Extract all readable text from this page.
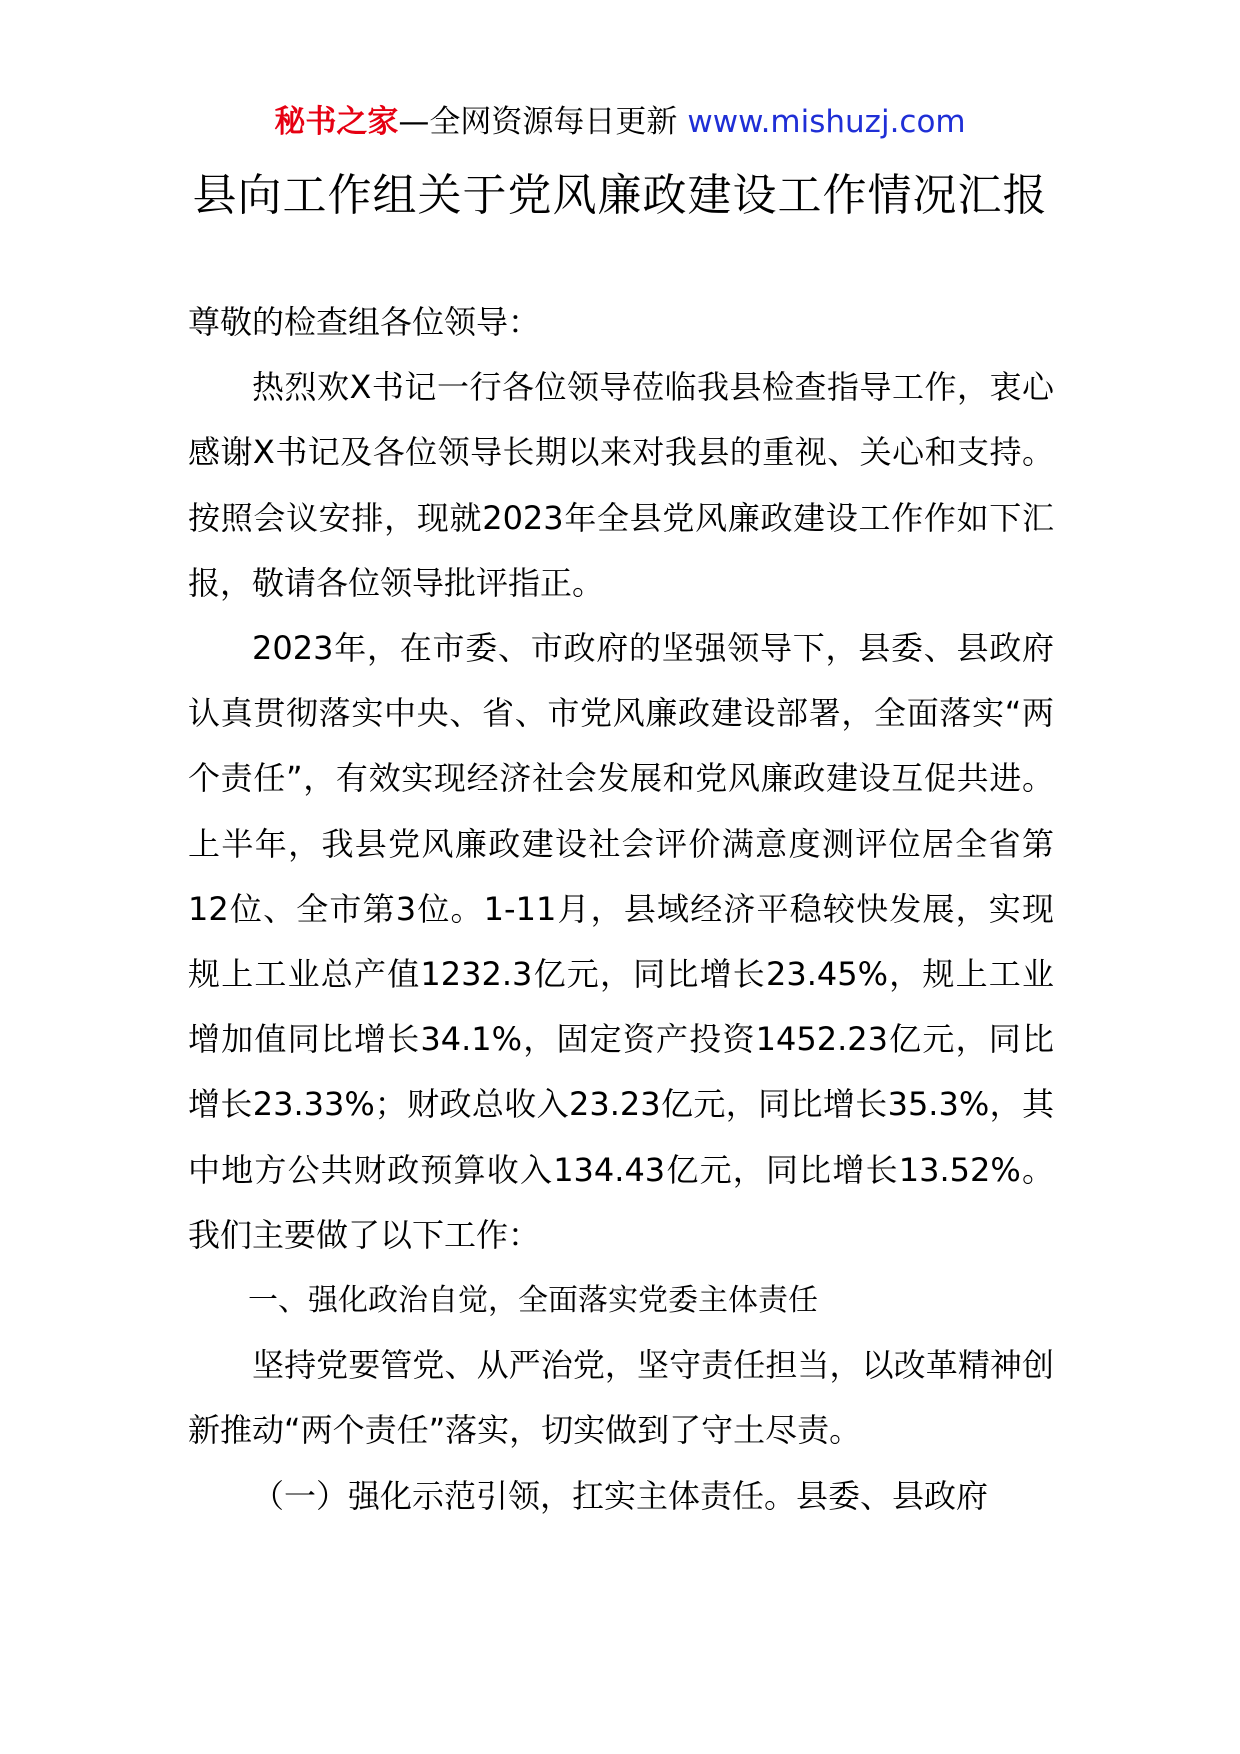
秘书之家—全网资源每日更新 www.mishuzj.com
县向工作组关于党风廉政建设工作情况汇报

尊敬的检查组各位领导：

热烈欢X书记一行各位领导莅临我县检查指导工作，衷心感谢X书记及各位领导长期以来对我县的重视、关心和支持。按照会议安排，现就2023年全县党风廉政建设工作作如下汇报，敬请各位领导批评指正。

2023年，在市委、市政府的坚强领导下，县委、县政府认真贯彻落实中央、省、市党风廉政建设部署，全面落实“两个责任”，有效实现经济社会发展和党风廉政建设互促共进。上半年，我县党风廉政建设社会评价满意度测评位居全省第12位、全市第3位。1-11月，县域经济平稳较快发展，实现规上工业总产值1232.3亿元，同比增长23.45%，规上工业增加值同比增长34.1%，固定资产投资1452.23亿元，同比增长23.33%；财政总收入23.23亿元，同比增长35.3%，其中地方公共财政预算收入134.43亿元，同比增长13.52%。我们主要做了以下工作：

一、强化政治自觉，全面落实党委主体责任

坚持党要管党、从严治党，坚守责任担当，以改革精神创新推动“两个责任”落实，切实做到了守土尽责。

（一）强化示范引领，扛实主体责任。县委、县政府
